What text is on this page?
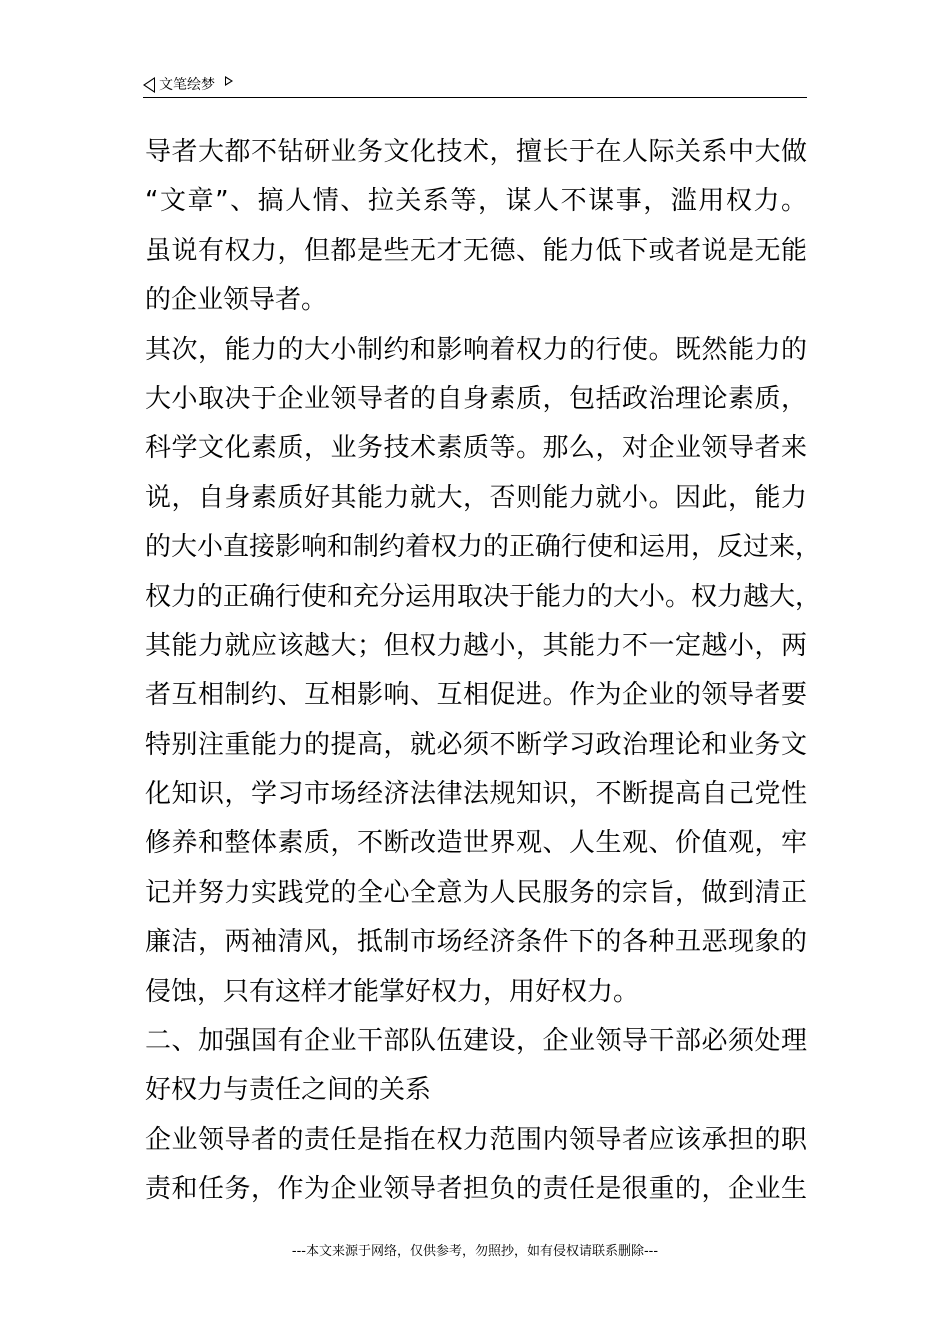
文笔绘梦
导者大都不钻研业务文化技术，擅长于在人际关系中大做
“文章”、搞人情、拉关系等，谋人不谋事，滥用权力。
虽说有权力，但都是些无才无德、能力低下或者说是无能
的企业领导者。
其次，能力的大小制约和影响着权力的行使。既然能力的
大小取决于企业领导者的自身素质，包括政治理论素质，
科学文化素质，业务技术素质等。那么，对企业领导者来
说，自身素质好其能力就大，否则能力就小。因此，能力
的大小直接影响和制约着权力的正确行使和运用，反过来，
权力的正确行使和充分运用取决于能力的大小。权力越大，
其能力就应该越大；但权力越小，其能力不一定越小，两
者互相制约、互相影响、互相促进。作为企业的领导者要
特别注重能力的提高，就必须不断学习政治理论和业务文
化知识，学习市场经济法律法规知识，不断提高自己党性
修养和整体素质，不断改造世界观、人生观、价值观，牢
记并努力实践党的全心全意为人民服务的宗旨，做到清正
廉洁，两袖清风，抵制市场经济条件下的各种丑恶现象的
侵蚀，只有这样才能掌好权力，用好权力。
二、加强国有企业干部队伍建设，企业领导干部必须处理
好权力与责任之间的关系
企业领导者的责任是指在权力范围内领导者应该承担的职
责和任务，作为企业领导者担负的责任是很重的，企业生
---本文来源于网络，仅供参考，勿照抄，如有侵权请联系删除---
